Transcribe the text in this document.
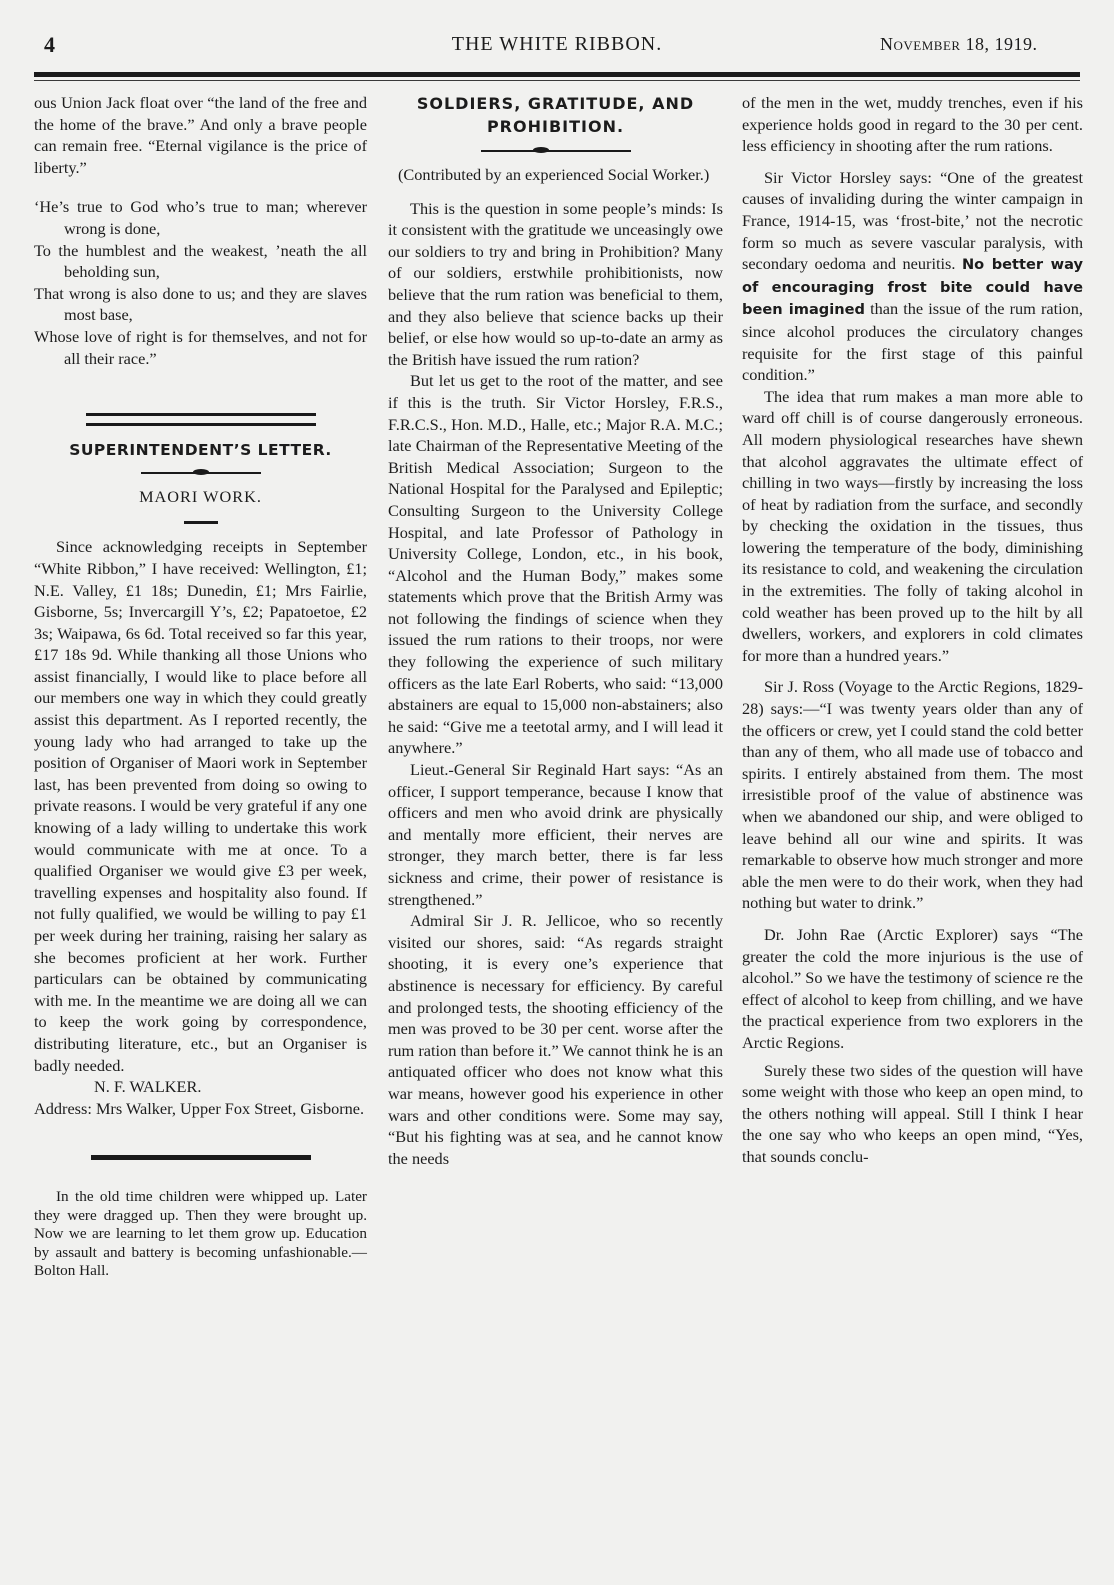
4	THE WHITE RIBBON.	November 18, 1919.

ous Union Jack float over “the land of the free and the home of the brave.” And only a brave people can remain free. “Eternal vigilance is the price of liberty.”

‘He’s true to God who’s true to man; wherever wrong is done,

To the humblest and the weakest, ’neath the all beholding sun,

That wrong is also done to us; and they are slaves most base,

Whose love of right is for themselves, and not for all their race.”

SUPERINTENDENT’S LETTER.
MAORI WORK.

Since acknowledging receipts in September “White Ribbon,” I have received: Wellington, £1; N.E. Valley, £1 18s; Dunedin, £1; Mrs Fairlie, Gisborne, 5s; Invercargill Y’s, £2; Papatoetoe, £2 3s; Waipawa, 6s 6d. Total received so far this year, £17 18s 9d. While thanking all those Unions who assist financially, I would like to place before all our members one way in which they could greatly assist this department. As I reported recently, the young lady who had arranged to take up the position of Organiser of Maori work in September last, has been prevented from doing so owing to private reasons. I would be very grateful if any one knowing of a lady willing to undertake this work would communicate with me at once. To a qualified Organiser we would give £3 per week, travelling expenses and hospitality also found. If not fully qualified, we would be willing to pay £1 per week during her training, raising her salary as she becomes proficient at her work. Further particulars can be obtained by communicating with me. In the meantime we are doing all we can to keep the work going by correspondence, distributing literature, etc., but an Organiser is badly needed.

N. F. WALKER.

Address: Mrs Walker, Upper Fox Street, Gisborne.

In the old time children were whipped up. Later they were dragged up. Then they were brought up. Now we are learning to let them grow up. Education by assault and battery is becoming unfashionable.—Bolton Hall.

SOLDIERS, GRATITUDE, AND PROHIBITION.

(Contributed by an experienced Social Worker.)

This is the question in some people’s minds: Is it consistent with the gratitude we unceasingly owe our soldiers to try and bring in Prohibition? Many of our soldiers, erstwhile prohibitionists, now believe that the rum ration was beneficial to them, and they also believe that science backs up their belief, or else how would so up-to-date an army as the British have issued the rum ration?

But let us get to the root of the matter, and see if this is the truth. Sir Victor Horsley, F.R.S., F.R.C.S., Hon. M.D., Halle, etc.; Major R.A. M.C.; late Chairman of the Representative Meeting of the British Medical Association; Surgeon to the National Hospital for the Paralysed and Epileptic; Consulting Surgeon to the University College Hospital, and late Professor of Pathology in University College, London, etc., in his book, “Alcohol and the Human Body,” makes some statements which prove that the British Army was not following the findings of science when they issued the rum rations to their troops, nor were they following the experience of such military officers as the late Earl Roberts, who said: “13,000 abstainers are equal to 15,000 non-abstainers; also he said: “Give me a teetotal army, and I will lead it anywhere.”

Lieut.-General Sir Reginald Hart says: “As an officer, I support temperance, because I know that officers and men who avoid drink are physically and mentally more efficient, their nerves are stronger, they march better, there is far less sickness and crime, their power of resistance is strengthened.”

Admiral Sir J. R. Jellicoe, who so recently visited our shores, said: “As regards straight shooting, it is every one’s experience that abstinence is necessary for efficiency. By careful and prolonged tests, the shooting efficiency of the men was proved to be 30 per cent. worse after the rum ration than before it.” We cannot think he is an antiquated officer who does not know what this war means, however good his experience in other wars and other conditions were. Some may say, “But his fighting was at sea, and he cannot know the needs

of the men in the wet, muddy trenches, even if his experience holds good in regard to the 30 per cent. less efficiency in shooting after the rum rations.

Sir Victor Horsley says: “One of the greatest causes of invaliding during the winter campaign in France, 1914-15, was ‘frost-bite,’ not the necrotic form so much as severe vascular paralysis, with secondary oedoma and neuritis. No better way of encouraging frost bite could have been imagined than the issue of the rum ration, since alcohol produces the circulatory changes requisite for the first stage of this painful condition.”

The idea that rum makes a man more able to ward off chill is of course dangerously erroneous. All modern physiological researches have shewn that alcohol aggravates the ultimate effect of chilling in two ways—firstly by increasing the loss of heat by radiation from the surface, and secondly by checking the oxidation in the tissues, thus lowering the temperature of the body, diminishing its resistance to cold, and weakening the circulation in the extremities. The folly of taking alcohol in cold weather has been proved up to the hilt by all dwellers, workers, and explorers in cold climates for more than a hundred years.”

Sir J. Ross (Voyage to the Arctic Regions, 1829-28) says:—“I was twenty years older than any of the officers or crew, yet I could stand the cold better than any of them, who all made use of tobacco and spirits. I entirely abstained from them. The most irresistible proof of the value of abstinence was when we abandoned our ship, and were obliged to leave behind all our wine and spirits. It was remarkable to observe how much stronger and more able the men were to do their work, when they had nothing but water to drink.”

Dr. John Rae (Arctic Explorer) says “The greater the cold the more injurious is the use of alcohol.” So we have the testimony of science re the effect of alcohol to keep from chilling, and we have the practical experience from two explorers in the Arctic Regions.

Surely these two sides of the question will have some weight with those who keep an open mind, to the others nothing will appeal. Still I think I hear the one say who who keeps an open mind, “Yes, that sounds conclu-
